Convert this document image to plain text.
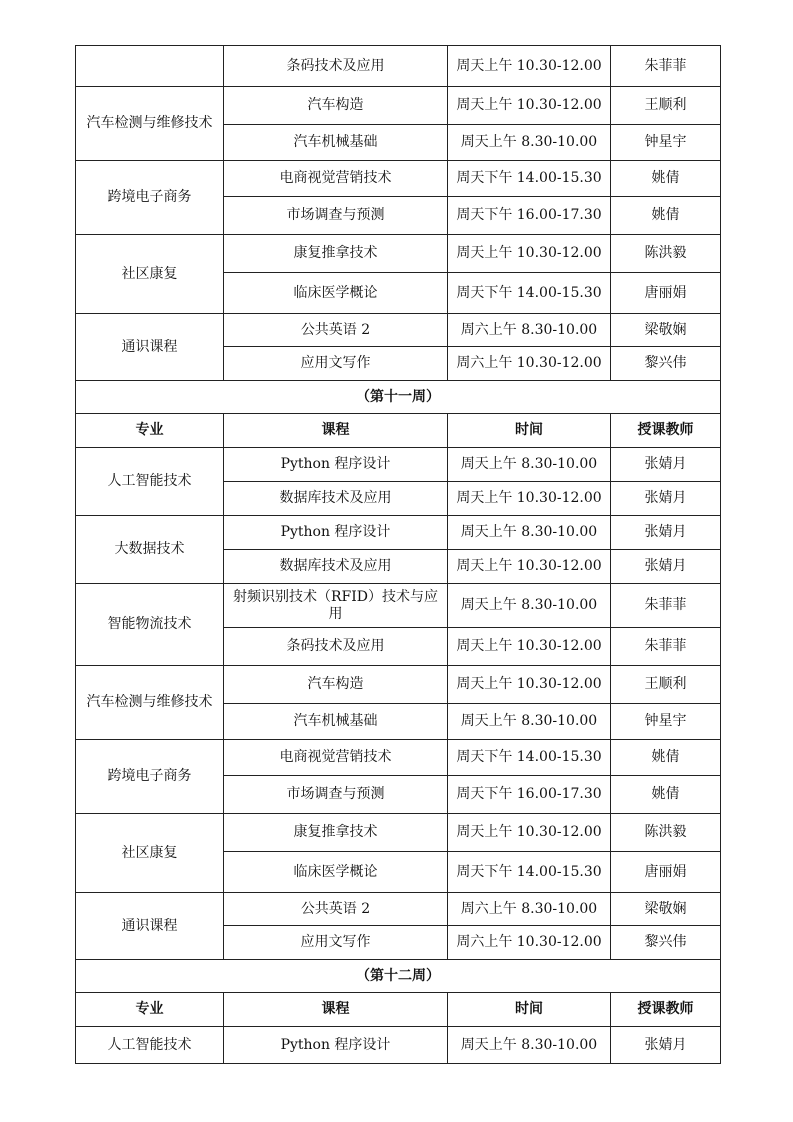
	条码技术及应用	周天上午 10.30-12.00	朱菲菲
汽车检测与维修技术	汽车构造	周天上午 10.30-12.00	王顺利
	汽车机械基础	周天上午 8.30-10.00	钟星宇
跨境电子商务	电商视觉营销技术	周天下午 14.00-15.30	姚倩
	市场调查与预测	周天下午 16.00-17.30	姚倩
社区康复	康复推拿技术	周天上午 10.30-12.00	陈洪毅
	临床医学概论	周天下午 14.00-15.30	唐丽娟
通识课程	公共英语 2	周六上午 8.30-10.00	梁敬娴
	应用文写作	周六上午 10.30-12.00	黎兴伟
（第十一周）			
专业	课程	时间	授课教师
人工智能技术	Python 程序设计	周天上午 8.30-10.00	张婧月
	数据库技术及应用	周天上午 10.30-12.00	张婧月
大数据技术	Python 程序设计	周天上午 8.30-10.00	张婧月
	数据库技术及应用	周天上午 10.30-12.00	张婧月
智能物流技术	射频识别技术（RFID）技术与应用	周天上午 8.30-10.00	朱菲菲
	条码技术及应用	周天上午 10.30-12.00	朱菲菲
汽车检测与维修技术	汽车构造	周天上午 10.30-12.00	王顺利
	汽车机械基础	周天上午 8.30-10.00	钟星宇
跨境电子商务	电商视觉营销技术	周天下午 14.00-15.30	姚倩
	市场调查与预测	周天下午 16.00-17.30	姚倩
社区康复	康复推拿技术	周天上午 10.30-12.00	陈洪毅
	临床医学概论	周天下午 14.00-15.30	唐丽娟
通识课程	公共英语 2	周六上午 8.30-10.00	梁敬娴
	应用文写作	周六上午 10.30-12.00	黎兴伟
（第十二周）			
专业	课程	时间	授课教师
人工智能技术	Python 程序设计	周天上午 8.30-10.00	张婧月
